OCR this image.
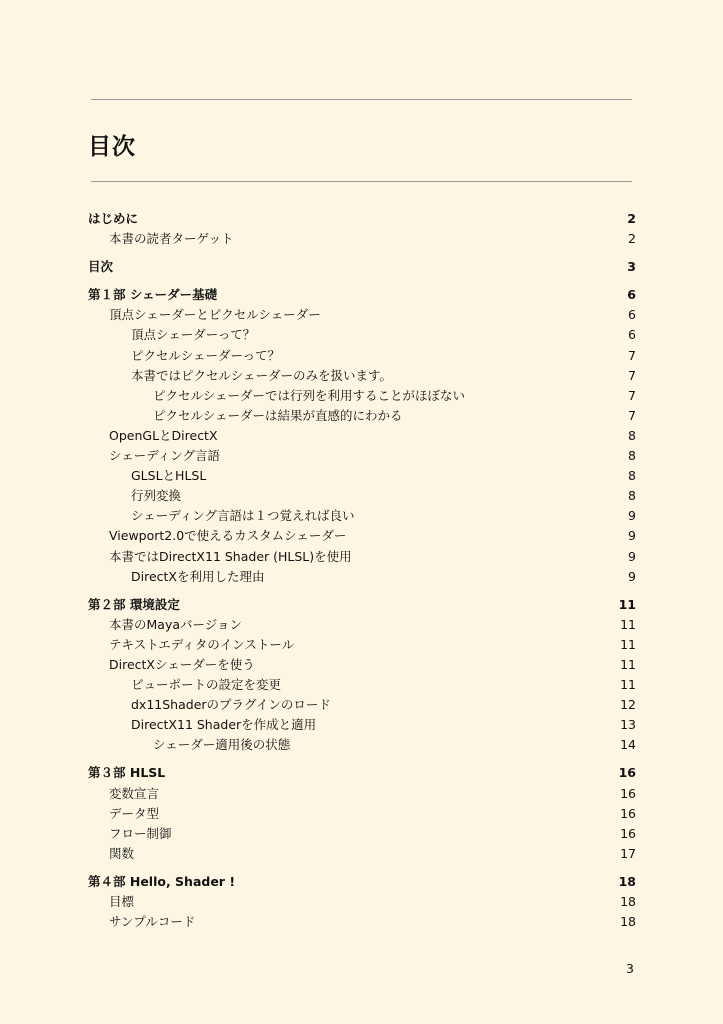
目次
はじめに	2
本書の読者ターゲット	2
目次	3
第１部 シェーダー基礎	6
頂点シェーダーとピクセルシェーダー	6
頂点シェーダーって？	6
ピクセルシェーダーって？	7
本書ではピクセルシェーダーのみを扱います。	7
ピクセルシェーダーでは行列を利用することがほぼない	7
ピクセルシェーダーは結果が直感的にわかる	7
OpenGLとDirectX	8
シェーディング言語	8
GLSLとHLSL	8
行列変換	8
シェーディング言語は１つ覚えれば良い	9
Viewport2.0で使えるカスタムシェーダー	9
本書ではDirectX11 Shader (HLSL)を使用	9
DirectXを利用した理由	9
第２部 環境設定	11
本書のMayaバージョン	11
テキストエディタのインストール	11
DirectXシェーダーを使う	11
ビューポートの設定を変更	11
dx11Shaderのプラグインのロード	12
DirectX11 Shaderを作成と適用	13
シェーダー適用後の状態	14
第３部 HLSL	16
変数宣言	16
データ型	16
フロー制御	16
関数	17
第４部 Hello, Shader !	18
目標	18
サンプルコード	18
3
